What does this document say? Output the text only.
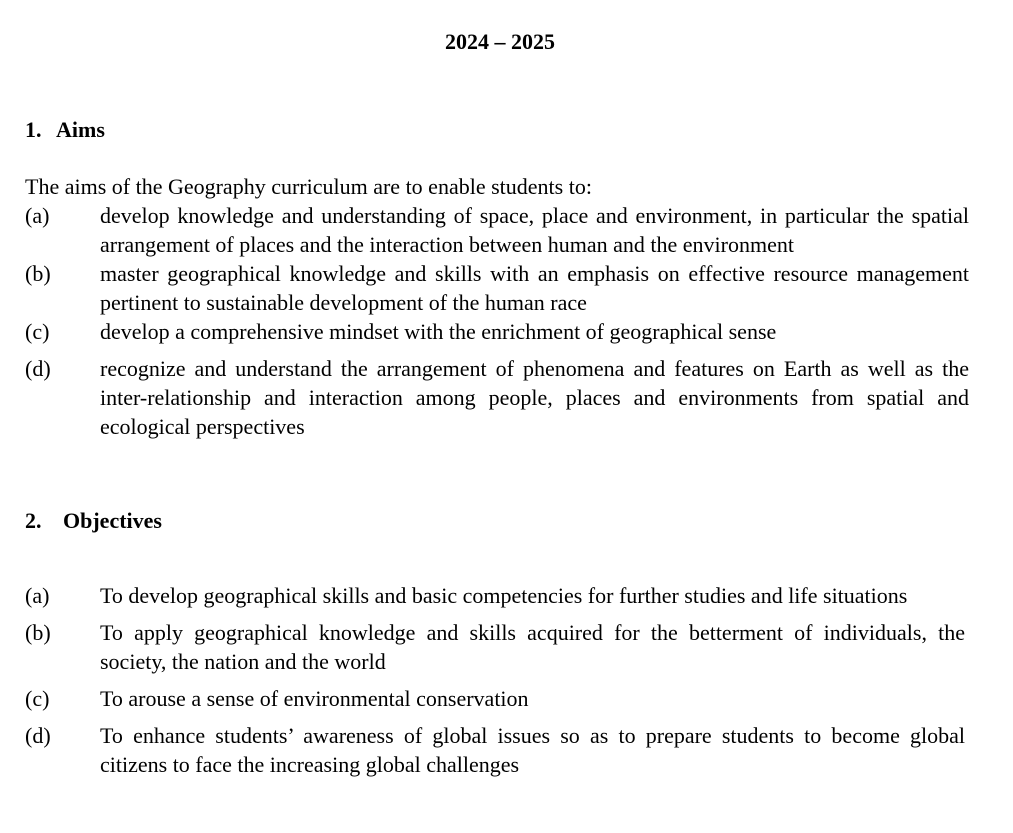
2024 – 2025
1. Aims
The aims of the Geography curriculum are to enable students to:
(a) develop knowledge and understanding of space, place and environment, in particular the spatial arrangement of places and the interaction between human and the environment
(b) master geographical knowledge and skills with an emphasis on effective resource management pertinent to sustainable development of the human race
(c) develop a comprehensive mindset with the enrichment of geographical sense
(d) recognize and understand the arrangement of phenomena and features on Earth as well as the inter-relationship and interaction among people, places and environments from spatial and ecological perspectives
2. Objectives
(a) To develop geographical skills and basic competencies for further studies and life situations
(b) To apply geographical knowledge and skills acquired for the betterment of individuals, the society, the nation and the world
(c) To arouse a sense of environmental conservation
(d) To enhance students’ awareness of global issues so as to prepare students to become global citizens to face the increasing global challenges
